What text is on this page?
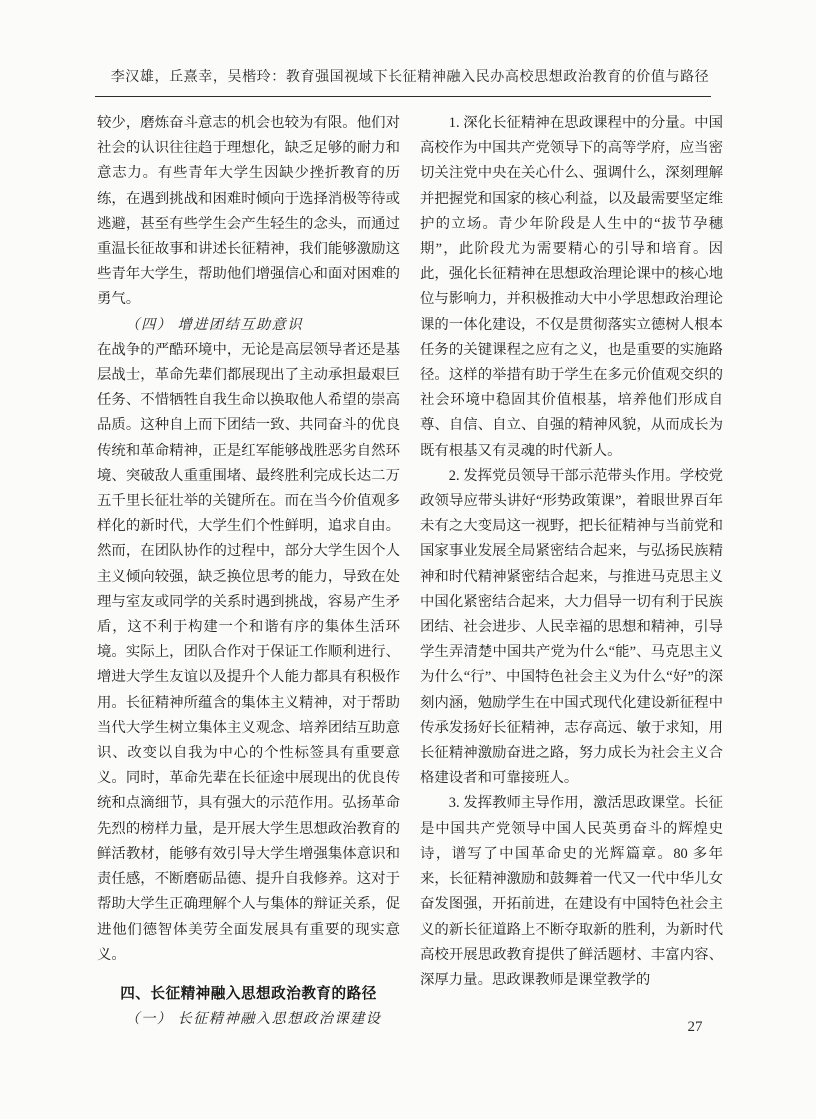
李汉雄，丘熹幸，吴楷玲：教育强国视域下长征精神融入民办高校思想政治教育的价值与路径

较少，磨炼奋斗意志的机会也较为有限。他们对社会的认识往往趋于理想化，缺乏足够的耐力和意志力。有些青年大学生因缺少挫折教育的历练，在遇到挑战和困难时倾向于选择消极等待或逃避，甚至有些学生会产生轻生的念头，而通过重温长征故事和讲述长征精神，我们能够激励这些青年大学生，帮助他们增强信心和面对困难的勇气。

（四） 增进团结互助意识

在战争的严酷环境中，无论是高层领导者还是基层战士，革命先辈们都展现出了主动承担最艰巨任务、不惜牺牲自我生命以换取他人希望的崇高品质。这种自上而下团结一致、共同奋斗的优良传统和革命精神，正是红军能够战胜恶劣自然环境、突破敌人重重围堵、最终胜利完成长达二万五千里长征壮举的关键所在。而在当今价值观多样化的新时代，大学生们个性鲜明，追求自由。然而，在团队协作的过程中，部分大学生因个人主义倾向较强，缺乏换位思考的能力，导致在处理与室友或同学的关系时遇到挑战，容易产生矛盾，这不利于构建一个和谐有序的集体生活环境。实际上，团队合作对于保证工作顺利进行、增进大学生友谊以及提升个人能力都具有积极作用。长征精神所蕴含的集体主义精神，对于帮助当代大学生树立集体主义观念、培养团结互助意识、改变以自我为中心的个性标签具有重要意义。同时，革命先辈在长征途中展现出的优良传统和点滴细节，具有强大的示范作用。弘扬革命先烈的榜样力量，是开展大学生思想政治教育的鲜活教材，能够有效引导大学生增强集体意识和责任感，不断磨砺品德、提升自我修养。这对于帮助大学生正确理解个人与集体的辩证关系，促进他们德智体美劳全面发展具有重要的现实意义。

四、长征精神融入思想政治教育的路径

（一） 长征精神融入思想政治课建设

1. 深化长征精神在思政课程中的分量。中国高校作为中国共产党领导下的高等学府，应当密切关注党中央在关心什么、强调什么，深刻理解并把握党和国家的核心利益，以及最需要坚定维护的立场。青少年阶段是人生中的“拔节孕穗期”，此阶段尤为需要精心的引导和培育。因此，强化长征精神在思想政治理论课中的核心地位与影响力，并积极推动大中小学思想政治理论课的一体化建设，不仅是贯彻落实立德树人根本任务的关键课程之应有之义，也是重要的实施路径。这样的举措有助于学生在多元价值观交织的社会环境中稳固其价值根基，培养他们形成自尊、自信、自立、自强的精神风貌，从而成长为既有根基又有灵魂的时代新人。

2. 发挥党员领导干部示范带头作用。学校党政领导应带头讲好“形势政策课”，着眼世界百年未有之大变局这一视野，把长征精神与当前党和国家事业发展全局紧密结合起来，与弘扬民族精神和时代精神紧密结合起来，与推进马克思主义中国化紧密结合起来，大力倡导一切有利于民族团结、社会进步、人民幸福的思想和精神，引导学生弄清楚中国共产党为什么“能”、马克思主义为什么“行”、中国特色社会主义为什么“好”的深刻内涵，勉励学生在中国式现代化建设新征程中传承发扬好长征精神，志存高远、敏于求知，用长征精神激励奋进之路，努力成长为社会主义合格建设者和可靠接班人。

3. 发挥教师主导作用，激活思政课堂。长征是中国共产党领导中国人民英勇奋斗的辉煌史诗，谱写了中国革命史的光辉篇章。80 多年来，长征精神激励和鼓舞着一代又一代中华儿女奋发图强，开拓前进，在建设有中国特色社会主义的新长征道路上不断夺取新的胜利，为新时代高校开展思政教育提供了鲜活题材、丰富内容、深厚力量。思政课教师是课堂教学的

27
